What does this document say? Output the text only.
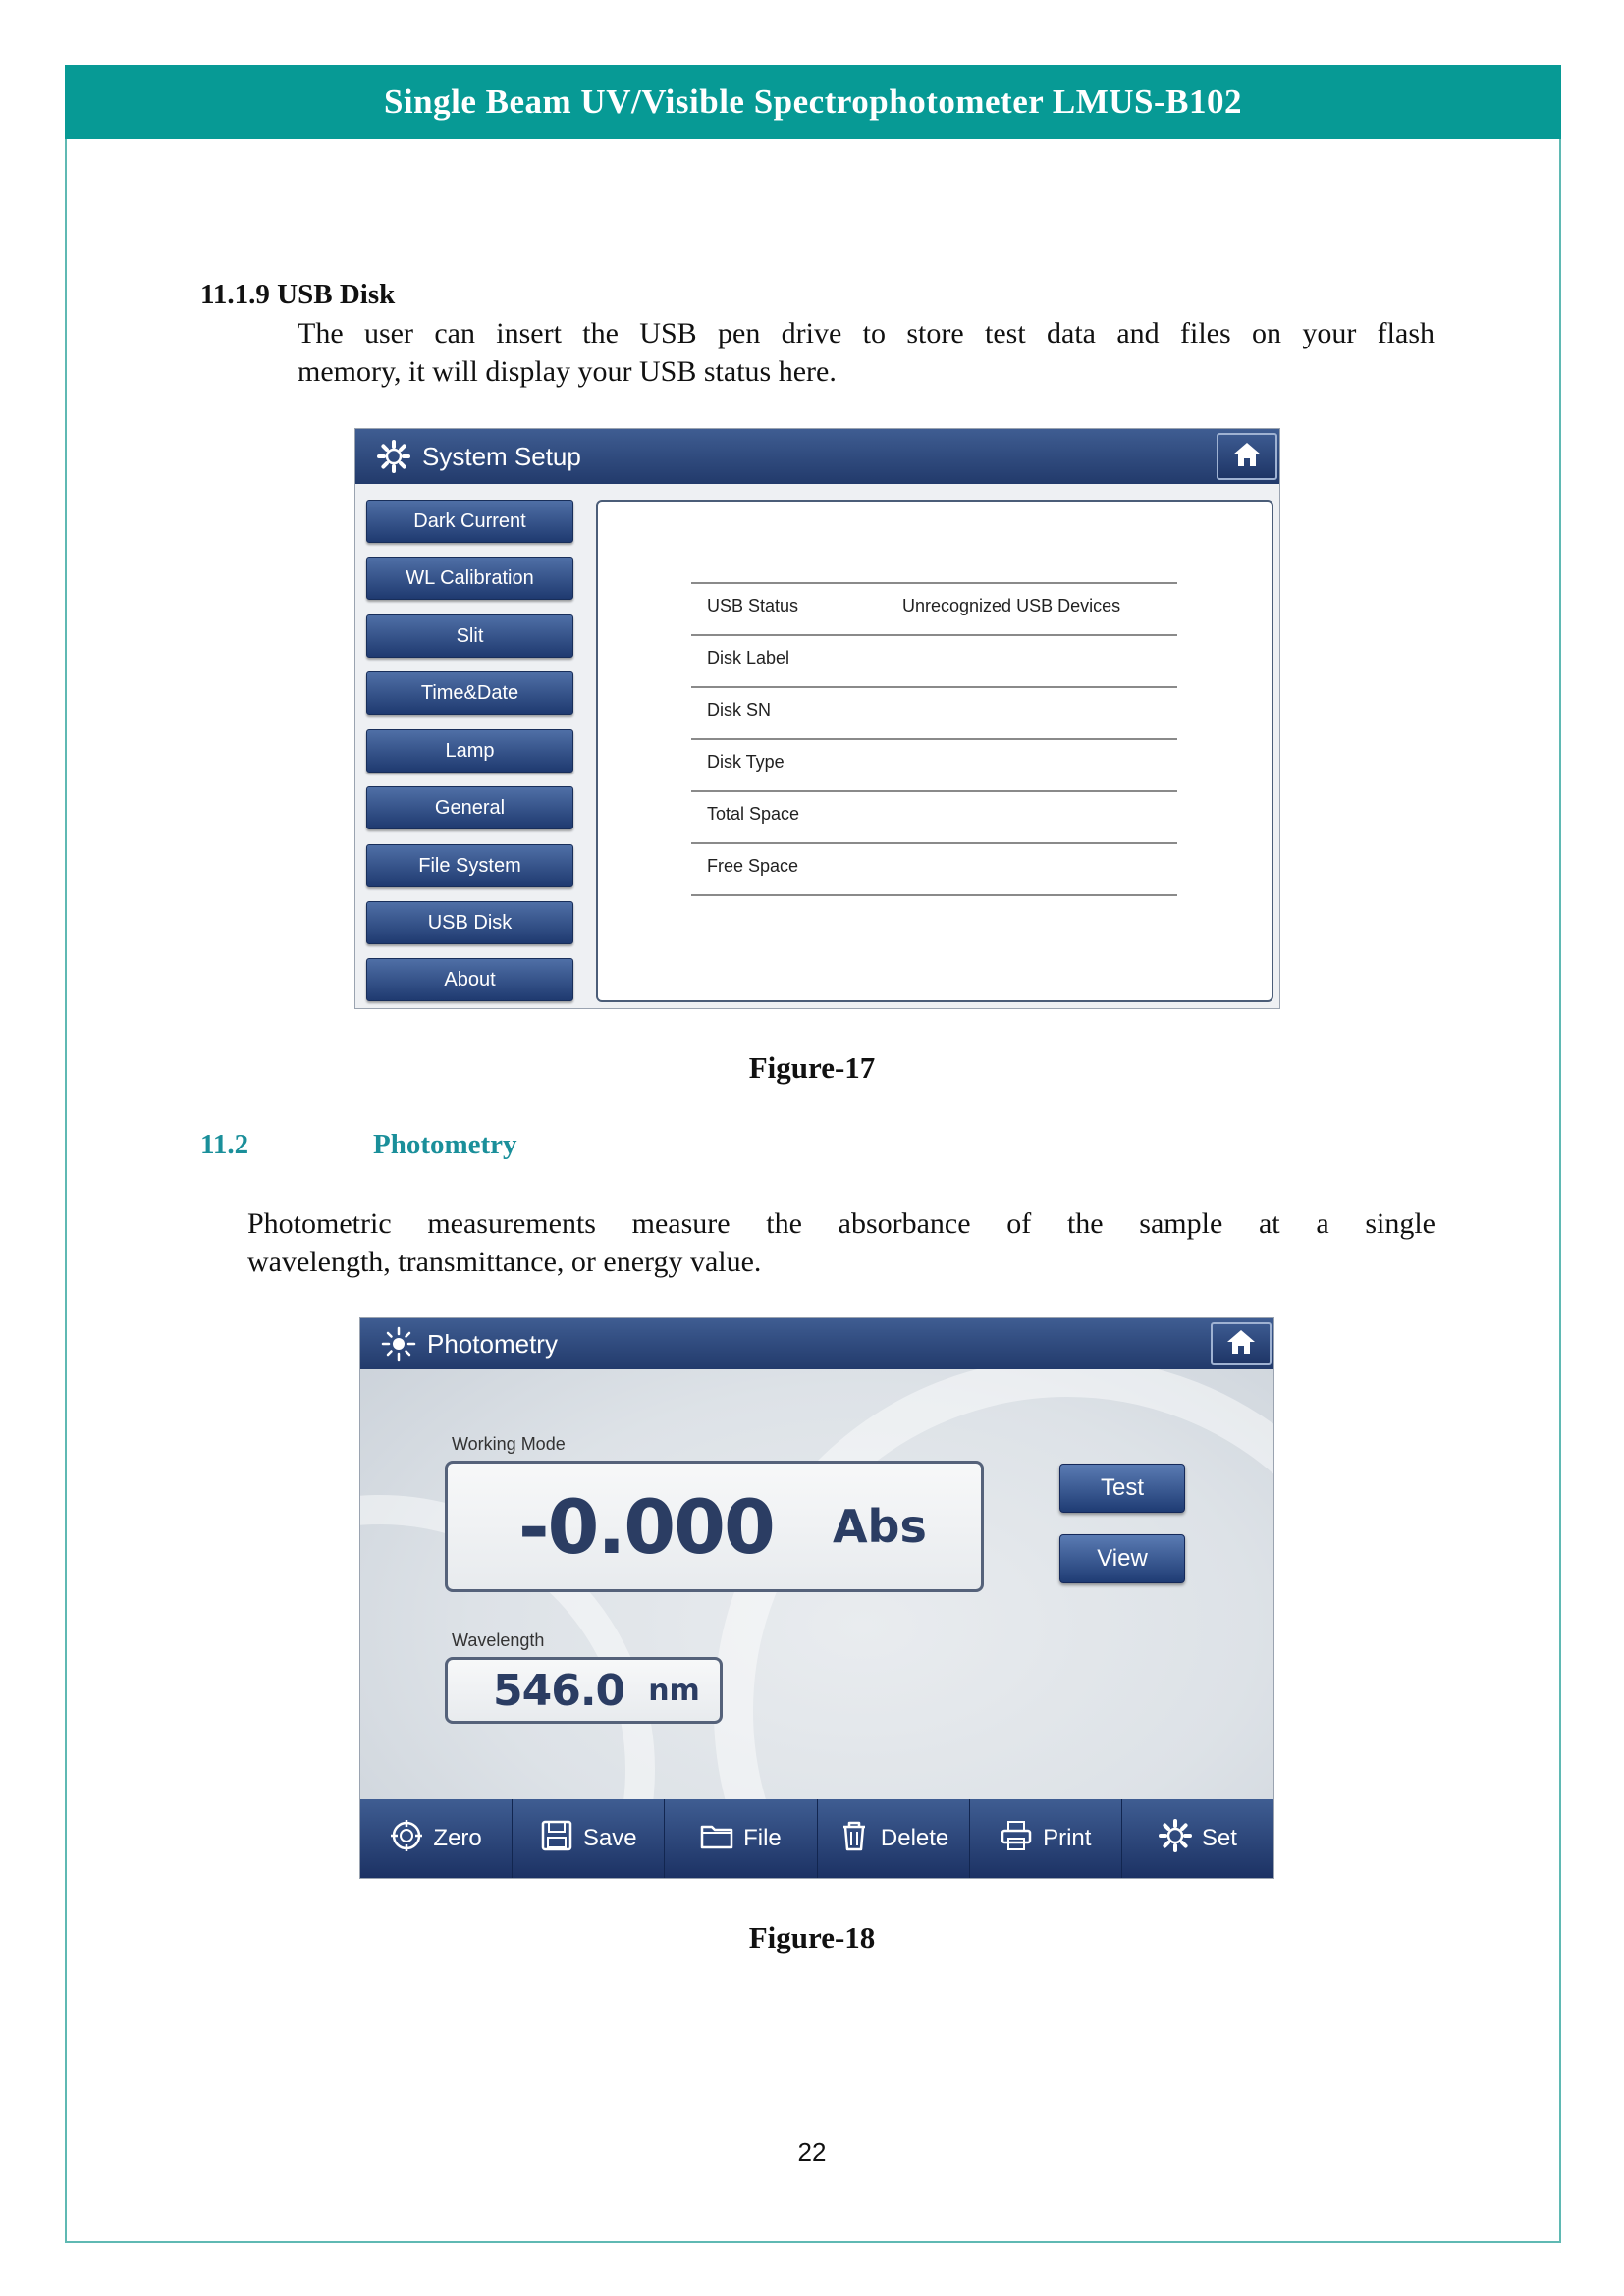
Single Beam UV/Visible Spectrophotometer LMUS-B102
11.1.9 USB Disk

The user can insert the USB pen drive to store test data and files on your flash

memory, it will display your USB status here.

System Setup
Dark Current
WL Calibration
Slit
Time&Date
Lamp
General
File System
USB Disk
About
USB Status	Unrecognized USB Devices
Disk Label
Disk SN
Disk Type
Total Space
Free Space
Figure-17
11.2	Photometry

Photometric measurements measure the absorbance of the sample at a single

wavelength, transmittance, or energy value.

Photometry
Working Mode
-0.000 Abs
Test
View
Wavelength
546.0 nm
Zero	Save	File	Delete	Print	Set
Figure-18
22
